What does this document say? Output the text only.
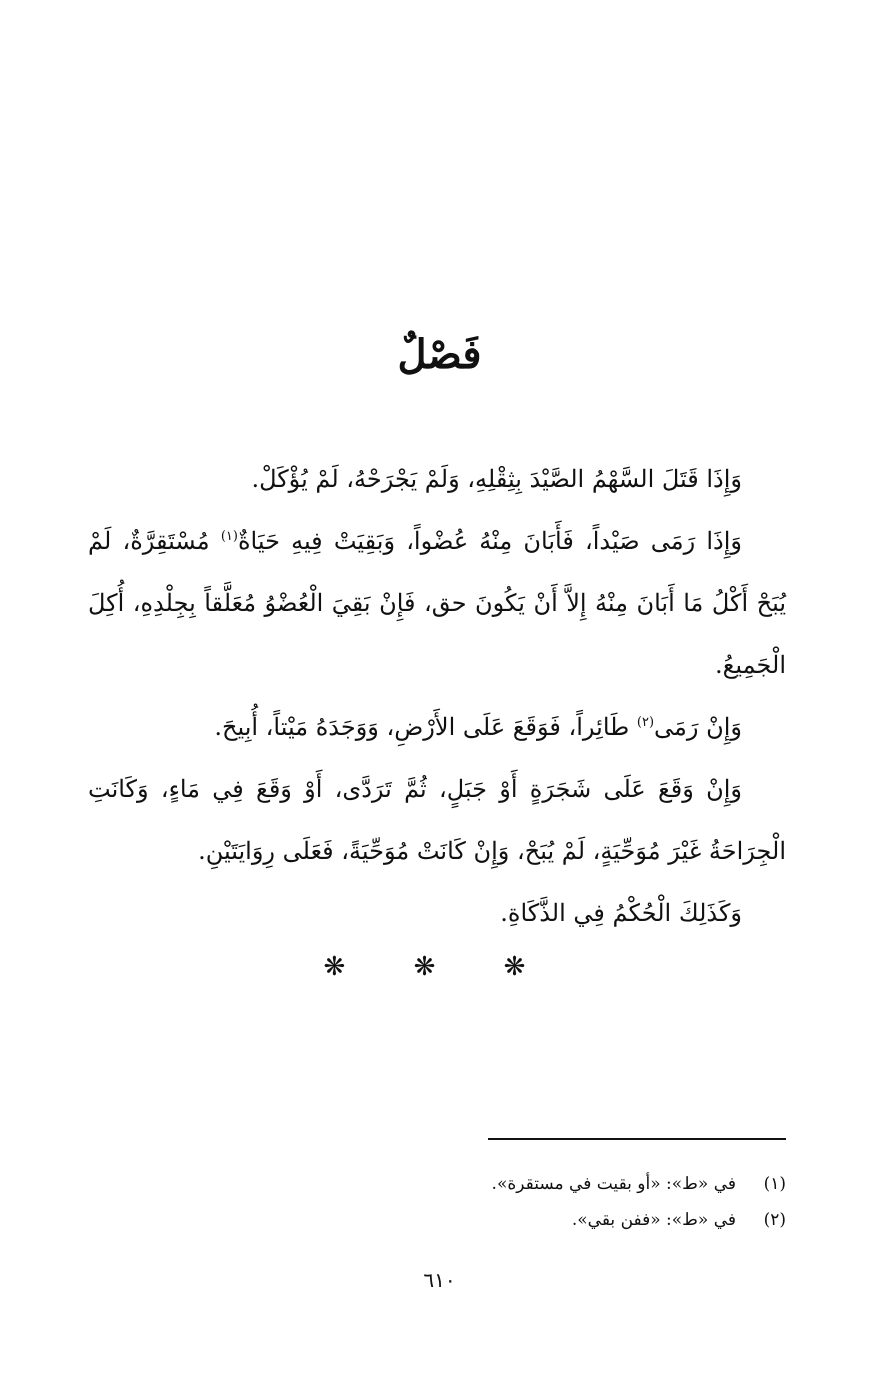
فَصْلٌ

وَإِذَا قَتَلَ السَّهْمُ الصَّيْدَ بِثِقْلِهِ، وَلَمْ يَجْرَحْهُ، لَمْ يُؤْكَلْ.

وَإِذَا رَمَى صَيْداً، فَأَبَانَ مِنْهُ عُضْواً، وَبَقِيَتْ فِيهِ حَيَاةٌ$^{(١)}$ مُسْتَقِرَّةٌ، لَمْ يُبَحْ أَكْلُ مَا أَبَانَ مِنْهُ إِلاَّ أَنْ يَكُونَ حق، فَإِنْ بَقِيَ الْعُضْوُ مُعَلَّقاً بِجِلْدِهِ، أُكِلَ الْجَمِيعُ.

وَإِنْ رَمَى$^{(٢)}$ طَائِراً، فَوَقَعَ عَلَى الأَرْضِ، وَوَجَدَهُ مَيْتاً، أُبِيحَ.

وَإِنْ وَقَعَ عَلَى شَجَرَةٍ أَوْ جَبَلٍ، ثُمَّ تَرَدَّى، أَوْ وَقَعَ فِي مَاءٍ، وَكَانَتِ الْجِرَاحَةُ غَيْرَ مُوَحِّيَةٍ، لَمْ يُبَحْ، وَإِنْ كَانَتْ مُوَحِّيَةً، فَعَلَى رِوَايَتَيْنِ.

وَكَذَلِكَ الْحُكْمُ فِي الذَّكَاةِ.

❋ ❋ ❋

(١)في «ط»: «أو بقيت في مستقرة».

(٢)في «ط»: «ففن بقي».

٦١٠
